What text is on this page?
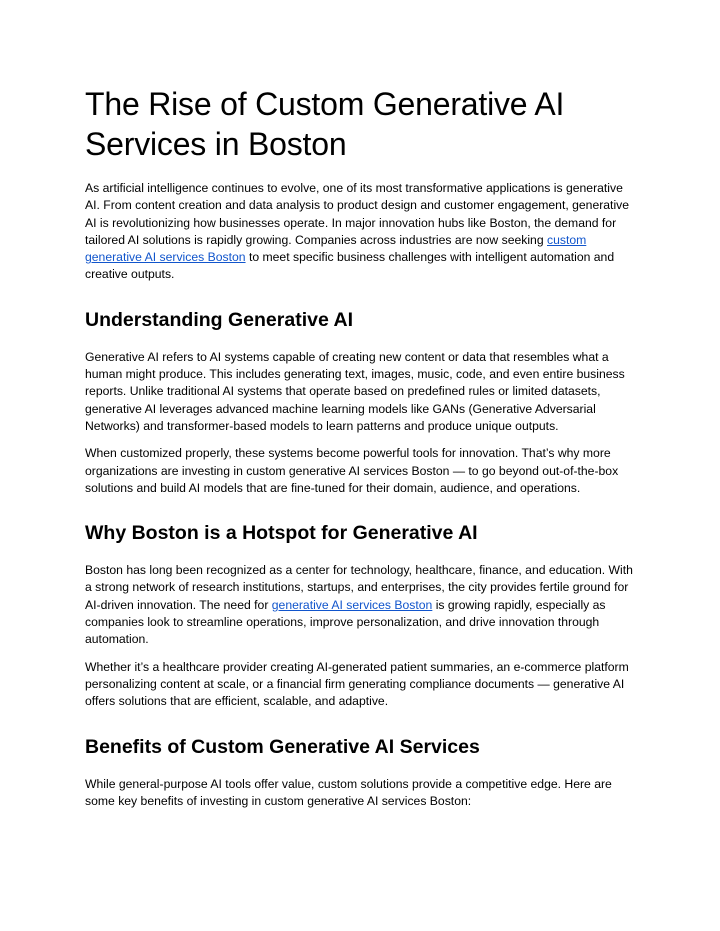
The Rise of Custom Generative AI Services in Boston

As artificial intelligence continues to evolve, one of its most transformative applications is generative AI. From content creation and data analysis to product design and customer engagement, generative AI is revolutionizing how businesses operate. In major innovation hubs like Boston, the demand for tailored AI solutions is rapidly growing. Companies across industries are now seeking custom generative AI services Boston to meet specific business challenges with intelligent automation and creative outputs.

Understanding Generative AI

Generative AI refers to AI systems capable of creating new content or data that resembles what a human might produce. This includes generating text, images, music, code, and even entire business reports. Unlike traditional AI systems that operate based on predefined rules or limited datasets, generative AI leverages advanced machine learning models like GANs (Generative Adversarial Networks) and transformer-based models to learn patterns and produce unique outputs.

When customized properly, these systems become powerful tools for innovation. That’s why more organizations are investing in custom generative AI services Boston — to go beyond out-of-the-box solutions and build AI models that are fine-tuned for their domain, audience, and operations.

Why Boston is a Hotspot for Generative AI

Boston has long been recognized as a center for technology, healthcare, finance, and education. With a strong network of research institutions, startups, and enterprises, the city provides fertile ground for AI-driven innovation. The need for generative AI services Boston is growing rapidly, especially as companies look to streamline operations, improve personalization, and drive innovation through automation.

Whether it’s a healthcare provider creating AI-generated patient summaries, an e-commerce platform personalizing content at scale, or a financial firm generating compliance documents — generative AI offers solutions that are efficient, scalable, and adaptive.

Benefits of Custom Generative AI Services

While general-purpose AI tools offer value, custom solutions provide a competitive edge. Here are some key benefits of investing in custom generative AI services Boston:
